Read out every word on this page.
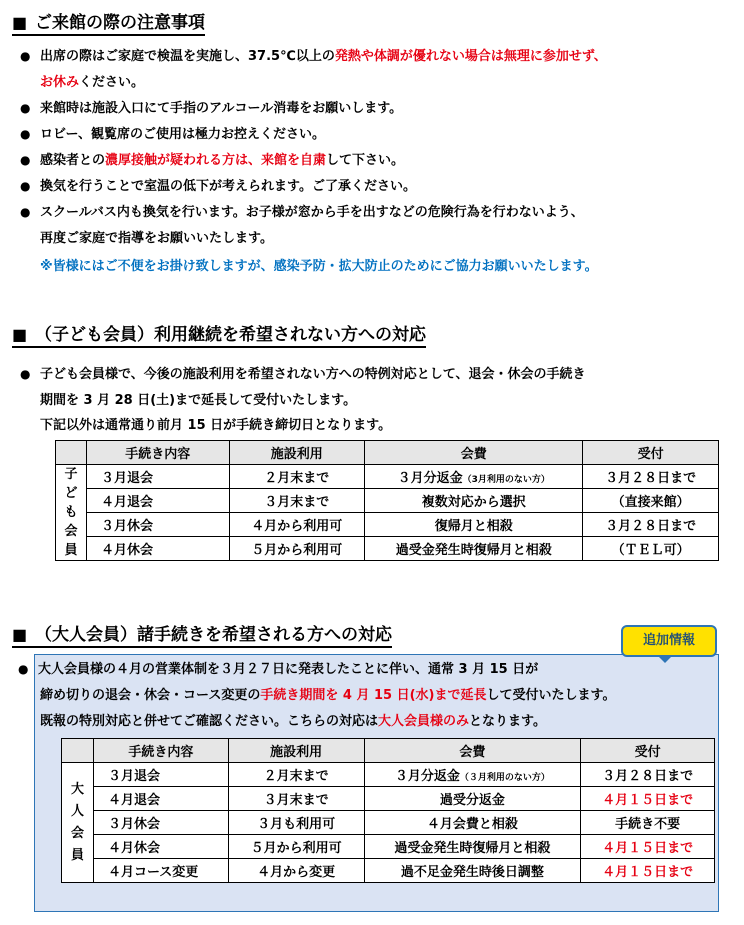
■ ご来館の際の注意事項
● 出席の際はご家庭で検温を実施し、37.5℃以上の発熱や体調が優れない場合は無理に参加せず、
お休みください。
● 来館時は施設入口にて手指のアルコール消毒をお願いします。
● ロビー、観覧席のご使用は極力お控えください。
● 感染者との濃厚接触が疑われる方は、来館を自粛して下さい。
● 換気を行うことで室温の低下が考えられます。ご了承ください。
● スクールバス内も換気を行います。お子様が窓から手を出すなどの危険行為を行わないよう、
再度ご家庭で指導をお願いいたします。
※皆様にはご不便をお掛け致しますが、感染予防・拡大防止のためにご協力お願いいたします。
■ （子ども会員）利用継続を希望されない方への対応
● 子ども会員様で、今後の施設利用を希望されない方への特例対応として、退会・休会の手続き
期間を 3 月 28 日(土)まで延長して受付いたします。
下記以外は通常通り前月 15 日が手続き締切日となります。
	手続き内容	施設利用	会費	受付
子
ど
も
会
員	３月退会	２月末まで	３月分返金（3月利用のない方）	３月２８日まで
	４月退会	３月末まで	複数対応から選択	（直接来館）
	３月休会	４月から利用可	復帰月と相殺	３月２８日まで
	４月休会	５月から利用可	過受金発生時復帰月と相殺	（ＴＥＬ可）
■ （大人会員）諸手続きを希望される方への対応	追加情報
● 大人会員様の４月の営業体制を３月２７日に発表したことに伴い、通常 3 月 15 日が
締め切りの退会・休会・コース変更の手続き期間を 4 月 15 日(水)まで延長して受付いたします。
既報の特別対応と併せてご確認ください。こちらの対応は大人会員様のみとなります。
	手続き内容	施設利用	会費	受付
大
人
会
員	３月退会	２月末まで	３月分返金（３月利用のない方）	３月２８日まで
	４月退会	３月末まで	過受分返金	４月１５日まで
	３月休会	３月も利用可	４月会費と相殺	手続き不要
	４月休会	５月から利用可	過受金発生時復帰月と相殺	４月１５日まで
	４月コース変更	４月から変更	過不足金発生時後日調整	４月１５日まで
